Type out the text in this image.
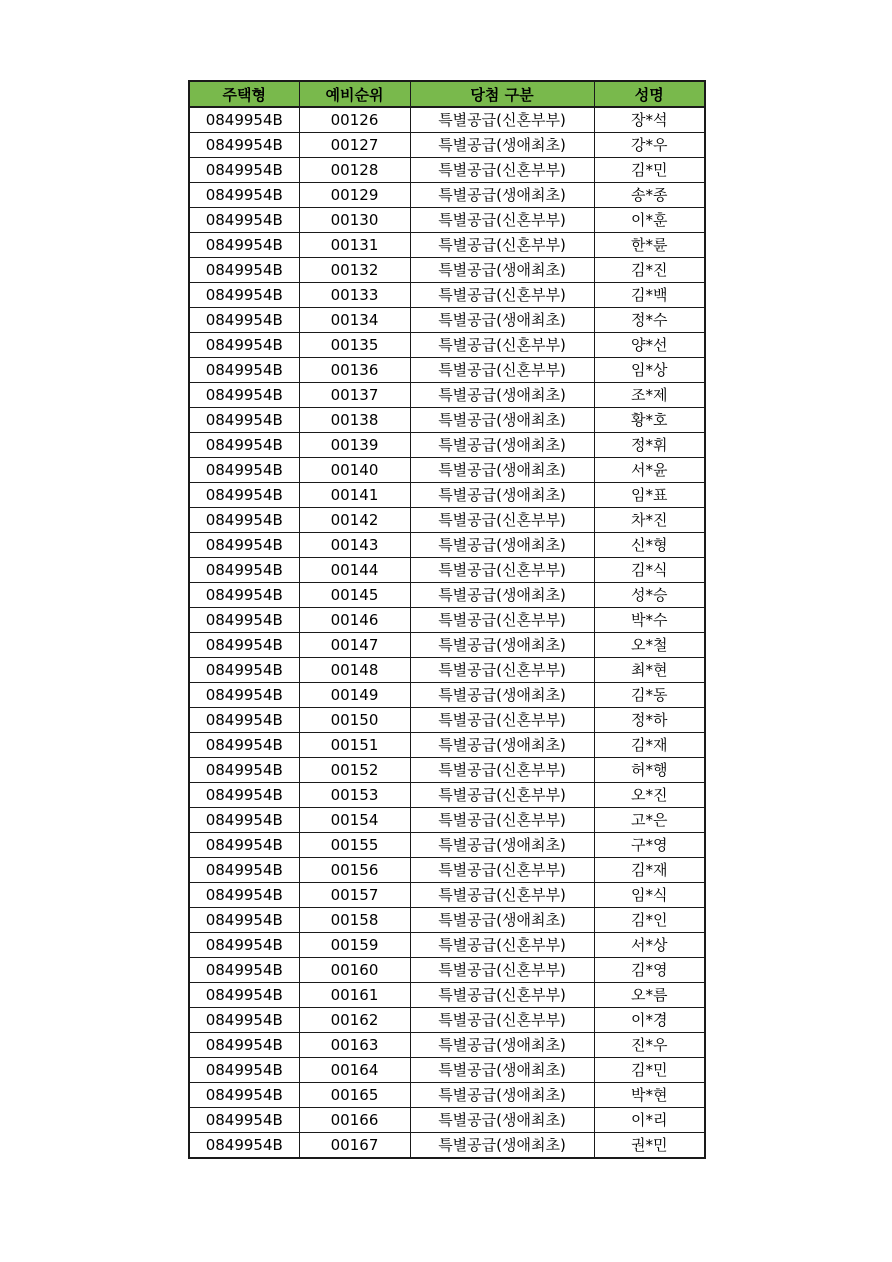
주택형	예비순위	당첨 구분	성명
0849954B	00126	특별공급(신혼부부)	장*석
0849954B	00127	특별공급(생애최초)	강*우
0849954B	00128	특별공급(신혼부부)	김*민
0849954B	00129	특별공급(생애최초)	송*종
0849954B	00130	특별공급(신혼부부)	이*훈
0849954B	00131	특별공급(신혼부부)	한*륜
0849954B	00132	특별공급(생애최초)	김*진
0849954B	00133	특별공급(신혼부부)	김*백
0849954B	00134	특별공급(생애최초)	정*수
0849954B	00135	특별공급(신혼부부)	양*선
0849954B	00136	특별공급(신혼부부)	임*상
0849954B	00137	특별공급(생애최초)	조*제
0849954B	00138	특별공급(생애최초)	황*호
0849954B	00139	특별공급(생애최초)	정*휘
0849954B	00140	특별공급(생애최초)	서*윤
0849954B	00141	특별공급(생애최초)	임*표
0849954B	00142	특별공급(신혼부부)	차*진
0849954B	00143	특별공급(생애최초)	신*형
0849954B	00144	특별공급(신혼부부)	김*식
0849954B	00145	특별공급(생애최초)	성*승
0849954B	00146	특별공급(신혼부부)	박*수
0849954B	00147	특별공급(생애최초)	오*철
0849954B	00148	특별공급(신혼부부)	최*현
0849954B	00149	특별공급(생애최초)	김*동
0849954B	00150	특별공급(신혼부부)	정*하
0849954B	00151	특별공급(생애최초)	김*재
0849954B	00152	특별공급(신혼부부)	허*행
0849954B	00153	특별공급(신혼부부)	오*진
0849954B	00154	특별공급(신혼부부)	고*은
0849954B	00155	특별공급(생애최초)	구*영
0849954B	00156	특별공급(신혼부부)	김*재
0849954B	00157	특별공급(신혼부부)	임*식
0849954B	00158	특별공급(생애최초)	김*인
0849954B	00159	특별공급(신혼부부)	서*상
0849954B	00160	특별공급(신혼부부)	김*영
0849954B	00161	특별공급(신혼부부)	오*름
0849954B	00162	특별공급(신혼부부)	이*경
0849954B	00163	특별공급(생애최초)	진*우
0849954B	00164	특별공급(생애최초)	김*민
0849954B	00165	특별공급(생애최초)	박*현
0849954B	00166	특별공급(생애최초)	이*리
0849954B	00167	특별공급(생애최초)	권*민
